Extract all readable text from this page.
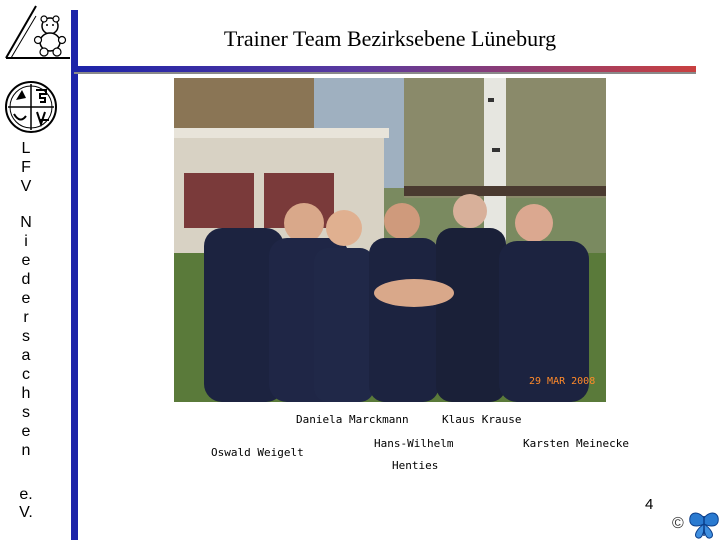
Trainer Team Bezirksebene Lüneburg
L
F
V
N
i
e
d
e
r
s
a
c
h
s
e
n
e.
V.
29 MAR 2008
Daniela Marckmann	Klaus Krause
Oswald Weigelt
Hans-Wilhelm
Henties
Karsten Meinecke
4
©
